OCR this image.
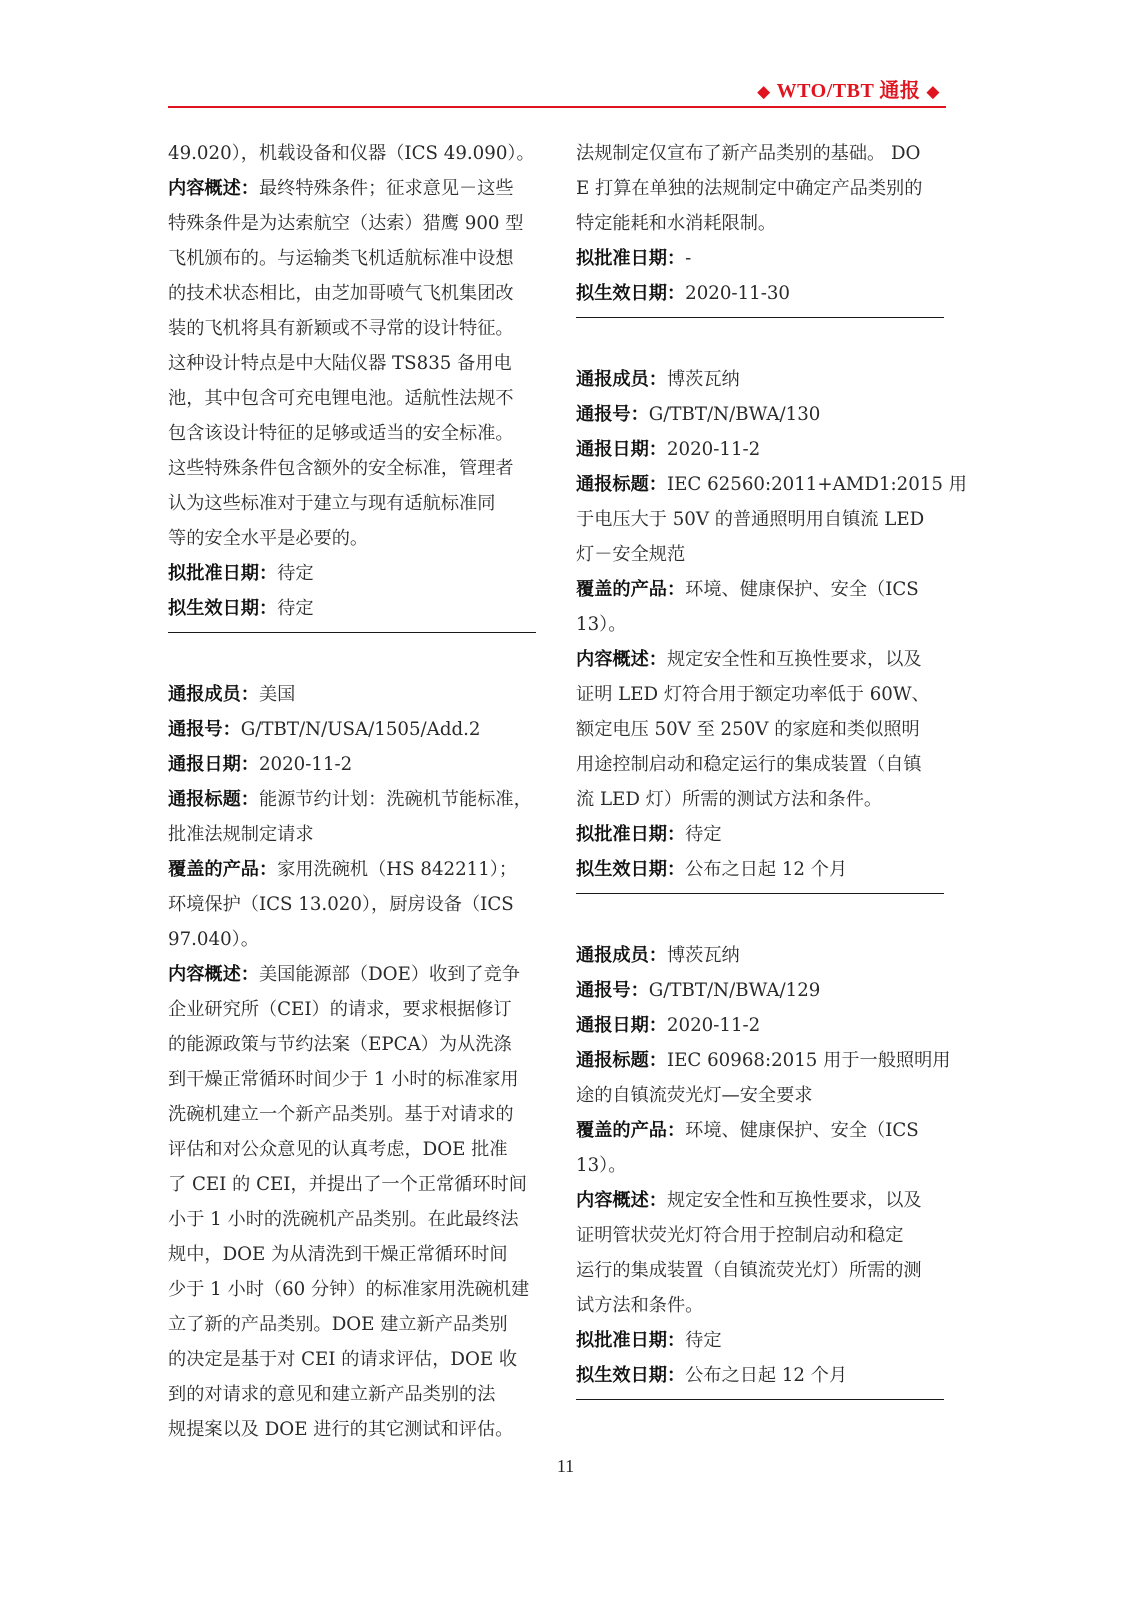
◆ WTO/TBT 通报 ◆
49.020），机载设备和仪器（ICS 49.090）。
内容概述：最终特殊条件；征求意见－这些
特殊条件是为达索航空（达索）猎鹰 900 型
飞机颁布的。与运输类飞机适航标准中设想
的技术状态相比，由芝加哥喷气飞机集团改
装的飞机将具有新颖或不寻常的设计特征。
这种设计特点是中大陆仪器 TS835 备用电
池，其中包含可充电锂电池。适航性法规不
包含该设计特征的足够或适当的安全标准。
这些特殊条件包含额外的安全标准，管理者
认为这些标准对于建立与现有适航标准同
等的安全水平是必要的。
拟批准日期：待定
拟生效日期：待定
通报成员：美国
通报号：G/TBT/N/USA/1505/Add.2
通报日期：2020-11-2
通报标题：能源节约计划：洗碗机节能标准，
批准法规制定请求
覆盖的产品：家用洗碗机（HS 842211）；
环境保护（ICS 13.020），厨房设备（ICS
97.040）。
内容概述：美国能源部（DOE）收到了竞争
企业研究所（CEI）的请求，要求根据修订
的能源政策与节约法案（EPCA）为从洗涤
到干燥正常循环时间少于 1 小时的标准家用
洗碗机建立一个新产品类别。基于对请求的
评估和对公众意见的认真考虑，DOE 批准
了 CEI 的 CEI，并提出了一个正常循环时间
小于 1 小时的洗碗机产品类别。在此最终法
规中，DOE 为从清洗到干燥正常循环时间
少于 1 小时（60 分钟）的标准家用洗碗机建
立了新的产品类别。DOE 建立新产品类别
的决定是基于对 CEI 的请求评估，DOE 收
到的对请求的意见和建立新产品类别的法
规提案以及 DOE 进行的其它测试和评估。
法规制定仅宣布了新产品类别的基础。 DO
E 打算在单独的法规制定中确定产品类别的
特定能耗和水消耗限制。
拟批准日期：-
拟生效日期：2020-11-30
通报成员：博茨瓦纳
通报号：G/TBT/N/BWA/130
通报日期：2020-11-2
通报标题：IEC 62560:2011+AMD1:2015 用
于电压大于 50V 的普通照明用自镇流 LED
灯－安全规范
覆盖的产品：环境、健康保护、安全（ICS
13）。
内容概述：规定安全性和互换性要求，以及
证明 LED 灯符合用于额定功率低于 60W、
额定电压 50V 至 250V 的家庭和类似照明
用途控制启动和稳定运行的集成装置（自镇
流 LED 灯）所需的测试方法和条件。
拟批准日期：待定
拟生效日期：公布之日起 12 个月
通报成员：博茨瓦纳
通报号：G/TBT/N/BWA/129
通报日期：2020-11-2
通报标题：IEC 60968:2015 用于一般照明用
途的自镇流荧光灯—安全要求
覆盖的产品：环境、健康保护、安全（ICS
13）。
内容概述：规定安全性和互换性要求，以及
证明管状荧光灯符合用于控制启动和稳定
运行的集成装置（自镇流荧光灯）所需的测
试方法和条件。
拟批准日期：待定
拟生效日期：公布之日起 12 个月
11
